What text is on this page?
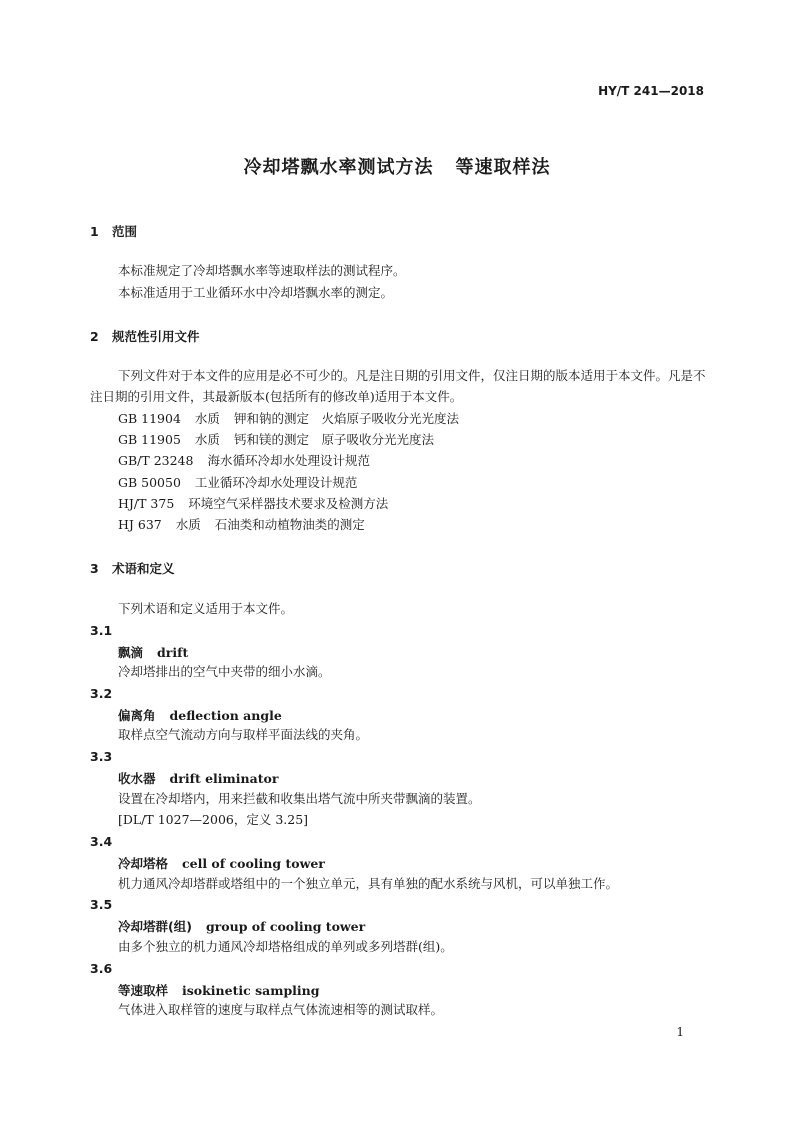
HY/T 241—2018
冷却塔飘水率测试方法 等速取样法
1 范围
本标准规定了冷却塔飘水率等速取样法的测试程序。
本标准适用于工业循环水中冷却塔飘水率的测定。
2 规范性引用文件
下列文件对于本文件的应用是必不可少的。凡是注日期的引用文件，仅注日期的版本适用于本文件。凡是不注日期的引用文件，其最新版本(包括所有的修改单)适用于本文件。
GB 11904 水质 钾和钠的测定　火焰原子吸收分光光度法
GB 11905 水质 钙和镁的测定　原子吸收分光光度法
GB/T 23248 海水循环冷却水处理设计规范
GB 50050 工业循环冷却水处理设计规范
HJ/T 375 环境空气采样器技术要求及检测方法
HJ 637 水质 石油类和动植物油类的测定
3 术语和定义
下列术语和定义适用于本文件。
3.1
飘滴 drift
冷却塔排出的空气中夹带的细小水滴。
3.2
偏离角 deflection angle
取样点空气流动方向与取样平面法线的夹角。
3.3
收水器 drift eliminator
设置在冷却塔内，用来拦截和收集出塔气流中所夹带飘滴的装置。
[DL/T 1027—2006，定义 3.25]
3.4
冷却塔格 cell of cooling tower
机力通风冷却塔群或塔组中的一个独立单元，具有单独的配水系统与风机，可以单独工作。
3.5
冷却塔群(组) group of cooling tower
由多个独立的机力通风冷却塔格组成的单列或多列塔群(组)。
3.6
等速取样 isokinetic sampling
气体进入取样管的速度与取样点气体流速相等的测试取样。
1
